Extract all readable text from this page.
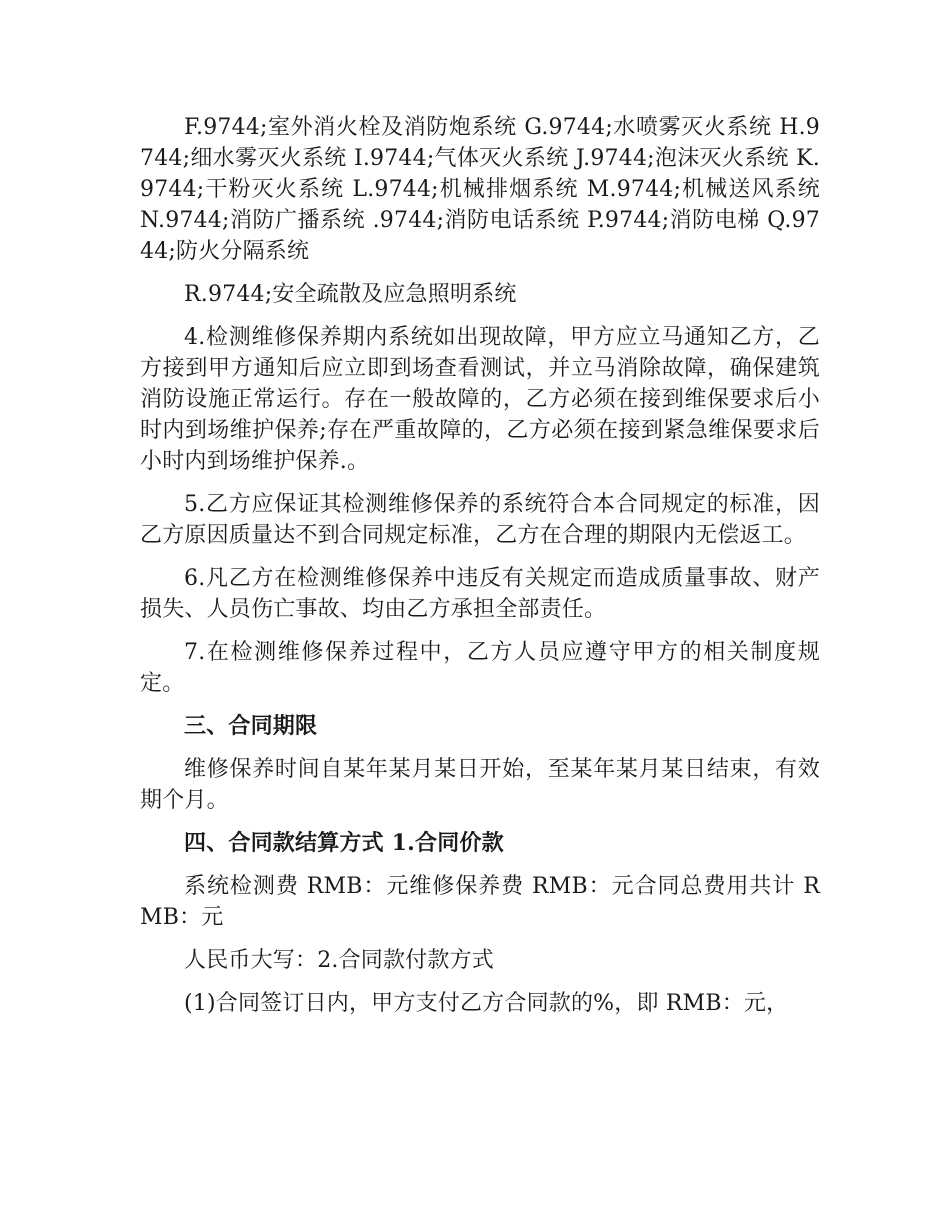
F.9744;室外消火栓及消防炮系统 G.9744;水喷雾灭火系统 H.9744;细水雾灭火系统 I.9744;气体灭火系统 J.9744;泡沫灭火系统 K.9744;干粉灭火系统 L.9744;机械排烟系统 M.9744;机械送风系统 N.9744;消防广播系统 .9744;消防电话系统 P.9744;消防电梯 Q.9744;防火分隔系统

R.9744;安全疏散及应急照明系统

4.检测维修保养期内系统如出现故障，甲方应立马通知乙方，乙方接到甲方通知后应立即到场查看测试，并立马消除故障，确保建筑消防设施正常运行。存在一般故障的，乙方必须在接到维保要求后小时内到场维护保养;存在严重故障的，乙方必须在接到紧急维保要求后小时内到场维护保养.。

5.乙方应保证其检测维修保养的系统符合本合同规定的标准，因乙方原因质量达不到合同规定标准，乙方在合理的期限内无偿返工。

6.凡乙方在检测维修保养中违反有关规定而造成质量事故、财产损失、人员伤亡事故、均由乙方承担全部责任。

7.在检测维修保养过程中，乙方人员应遵守甲方的相关制度规定。

三、合同期限

维修保养时间自某年某月某日开始，至某年某月某日结束，有效期个月。

四、合同款结算方式 1.合同价款

系统检测费 RMB：元维修保养费 RMB：元合同总费用共计 RMB：元

人民币大写：2.合同款付款方式

(1)合同签订日内，甲方支付乙方合同款的%，即 RMB：元，
